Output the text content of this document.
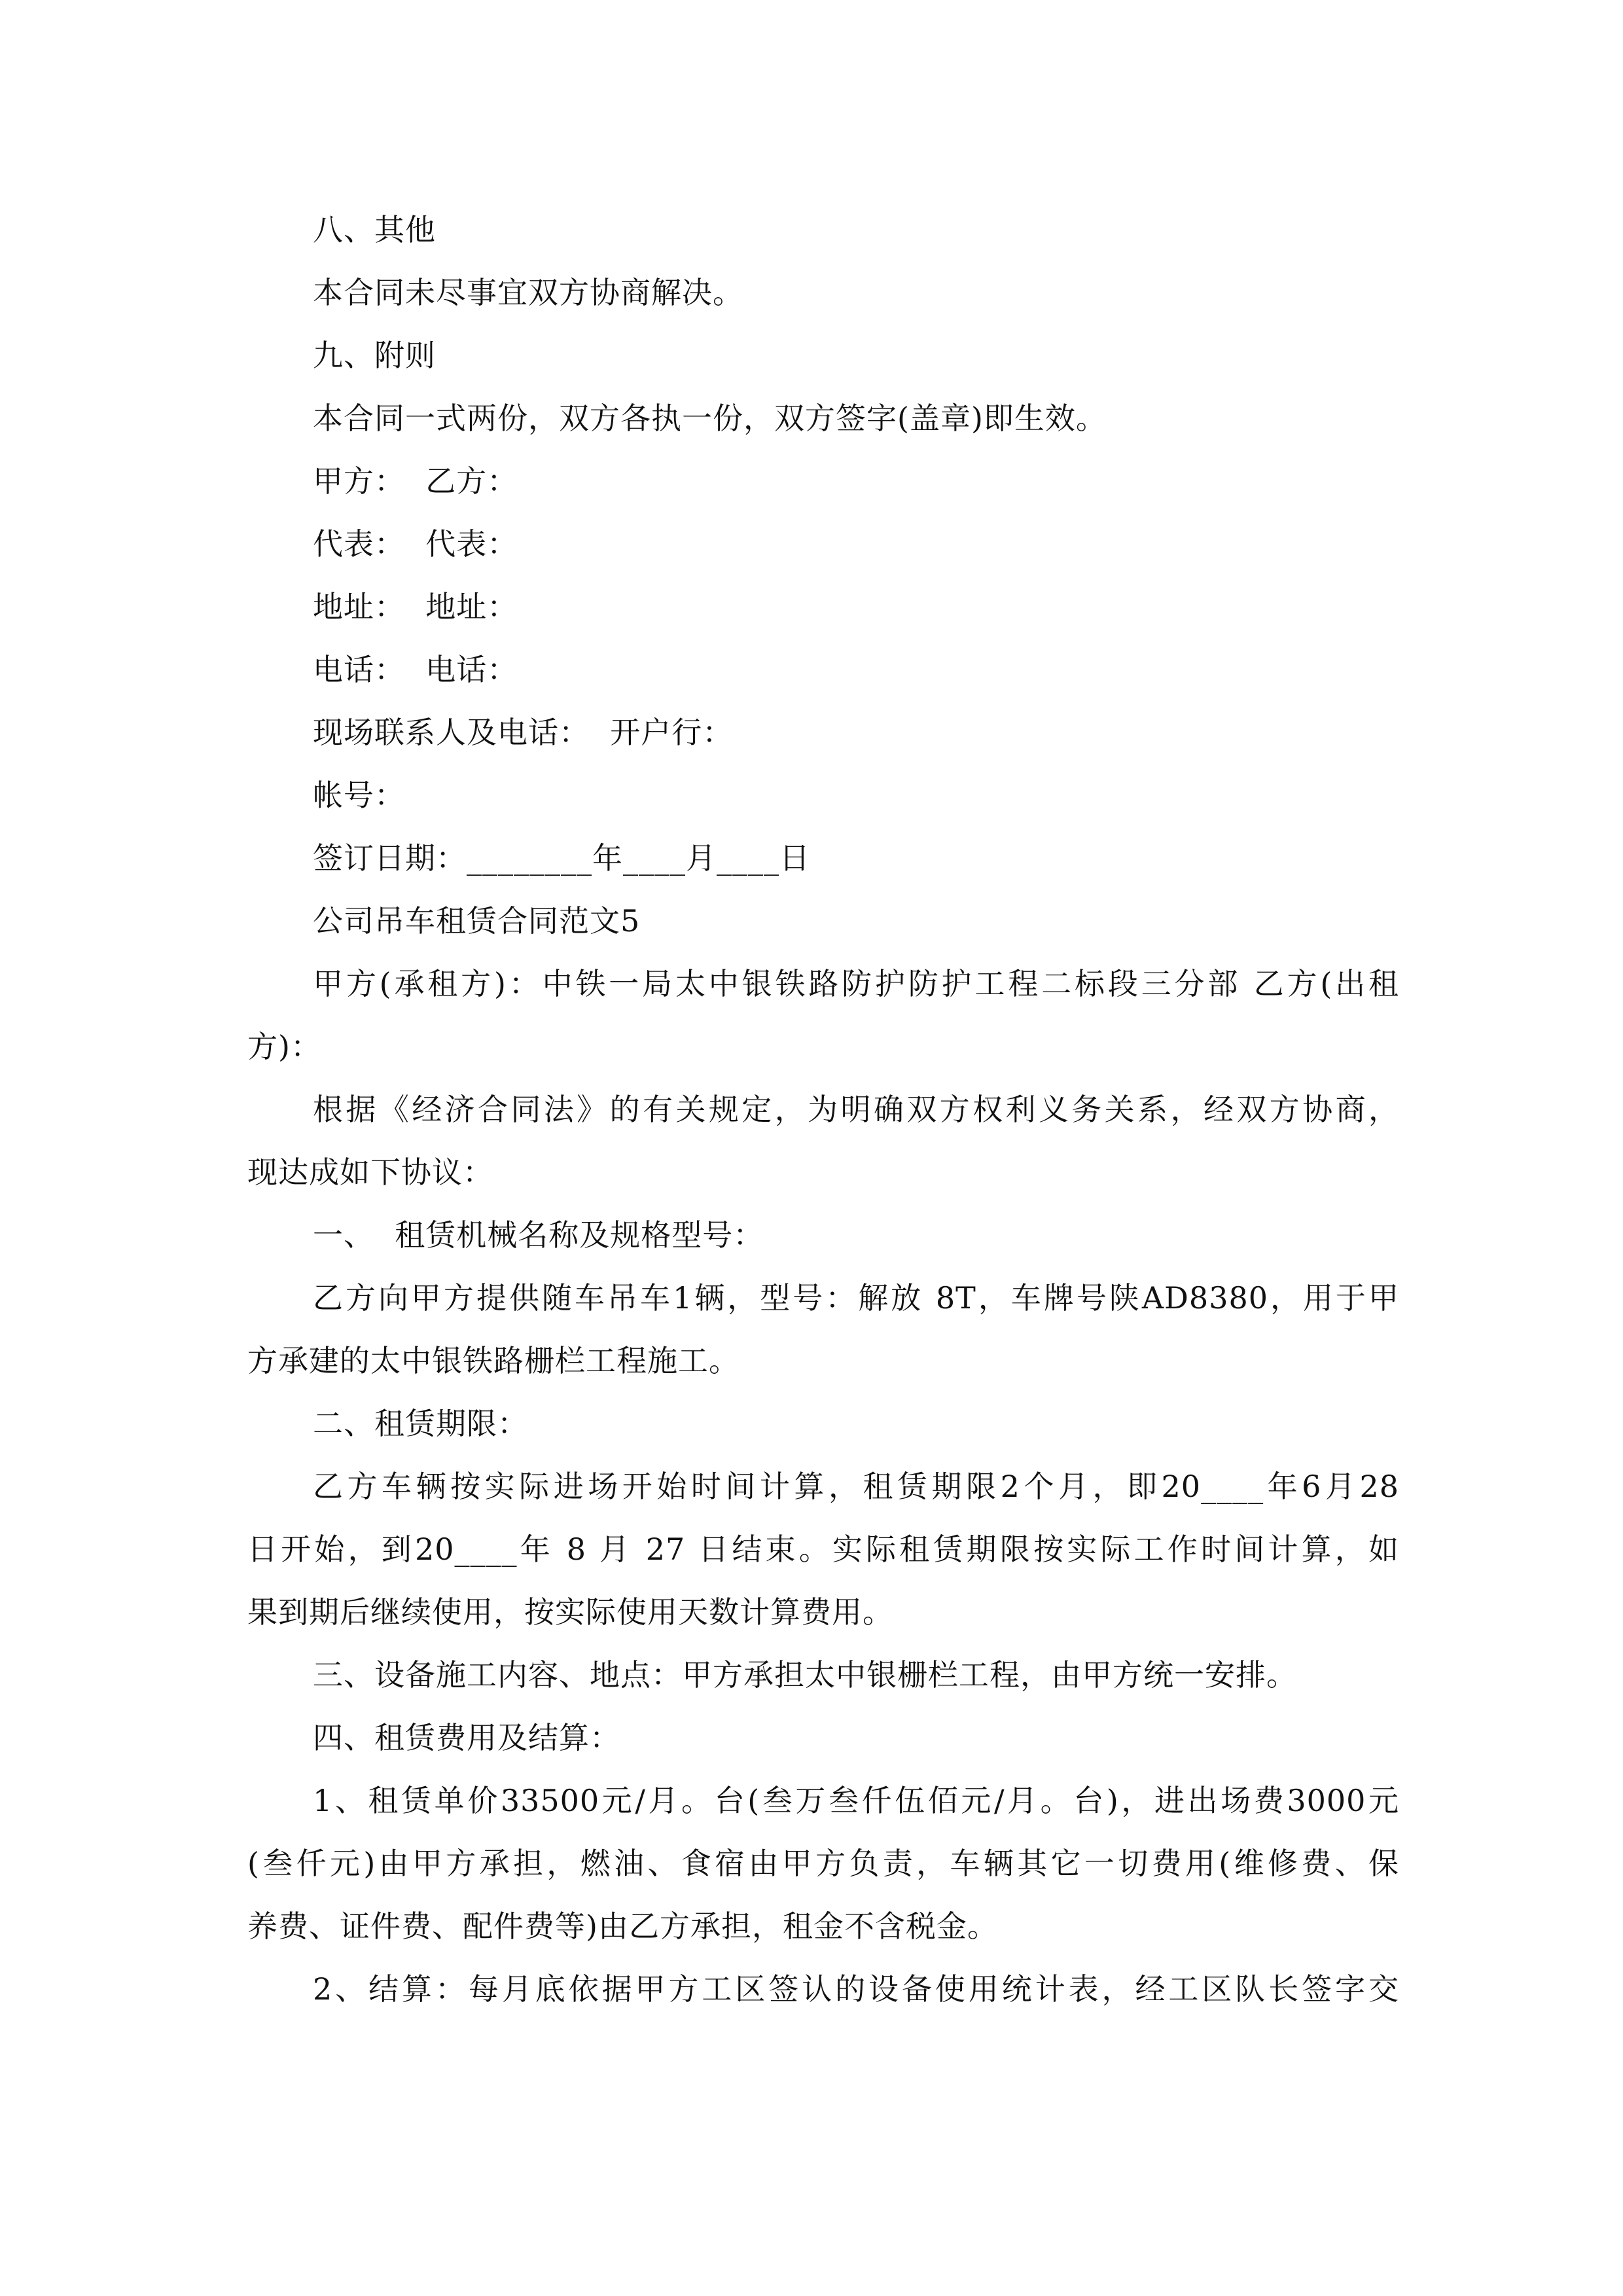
八、其他
本合同未尽事宜双方协商解决。
九、附则
本合同一式两份，双方各执一份，双方签字(盖章)即生效。
甲方：  乙方：
代表：  代表：
地址：  地址：
电话：  电话：
现场联系人及电话：  开户行：
帐号：
签订日期：________年____月____日
公司吊车租赁合同范文5
甲方(承租方)：中铁一局太中银铁路防护防护工程二标段三分部 乙方(出租
方)：
根据《经济合同法》的有关规定，为明确双方权利义务关系，经双方协商，
现达成如下协议：
一、  租赁机械名称及规格型号：
乙方向甲方提供随车吊车1辆，型号：解放 8T，车牌号陕AD8380，用于甲
方承建的太中银铁路栅栏工程施工。
二、租赁期限：
乙方车辆按实际进场开始时间计算，租赁期限2个月，即20____年6月28
日开始，到20____年 8 月 27 日结束。实际租赁期限按实际工作时间计算，如
果到期后继续使用，按实际使用天数计算费用。
三、设备施工内容、地点：甲方承担太中银栅栏工程，由甲方统一安排。
四、租赁费用及结算：
1、租赁单价33500元/月。台(叁万叁仟伍佰元/月。台)，进出场费3000元
(叁仟元)由甲方承担，燃油、食宿由甲方负责，车辆其它一切费用(维修费、保
养费、证件费、配件费等)由乙方承担，租金不含税金。
2、结算：每月底依据甲方工区签认的设备使用统计表，经工区队长签字交
